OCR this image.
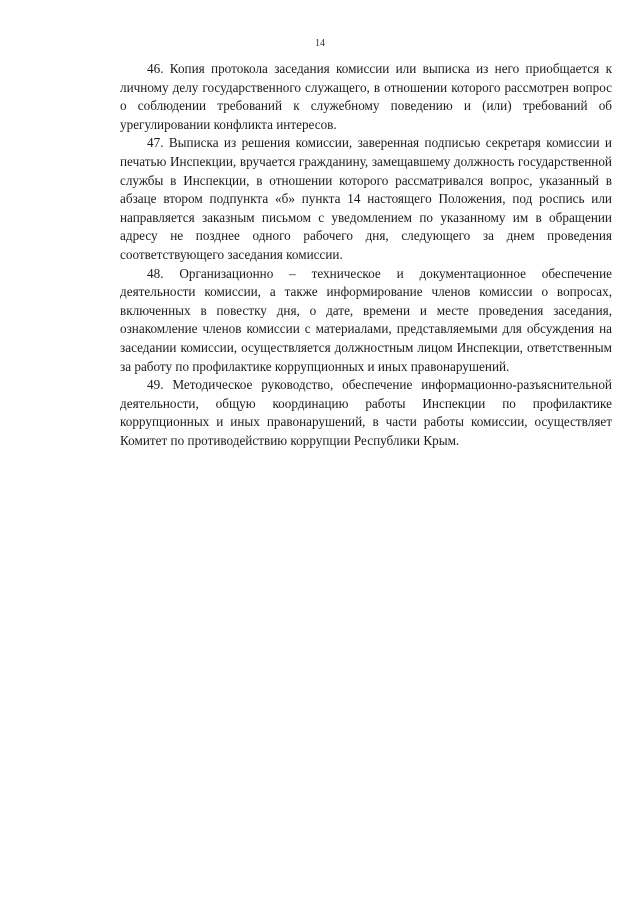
14

46. Копия протокола заседания комиссии или выписка из него приобщается к личному делу государственного служащего, в отношении которого рассмотрен вопрос о соблюдении требований к служебному поведению и (или) требований об урегулировании конфликта интересов.

47. Выписка из решения комиссии, заверенная подписью секретаря комиссии и печатью Инспекции, вручается гражданину, замещавшему должность государственной службы в Инспекции, в отношении которого рассматривался вопрос, указанный в абзаце втором подпункта «б» пункта 14 настоящего Положения, под роспись или направляется заказным письмом с уведомлением по указанному им в обращении адресу не позднее одного рабочего дня, следующего за днем проведения соответствующего заседания комиссии.

48. Организационно – техническое и документационное обеспечение деятельности комиссии, а также информирование членов комиссии о вопросах, включенных в повестку дня, о дате, времени и месте проведения заседания, ознакомление членов комиссии с материалами, представляемыми для обсуждения на заседании комиссии, осуществляется должностным лицом Инспекции, ответственным за работу по профилактике коррупционных и иных правонарушений.

49. Методическое руководство, обеспечение информационно-разъяснительной деятельности, общую координацию работы Инспекции по профилактике коррупционных и иных правонарушений, в части работы комиссии, осуществляет Комитет по противодействию коррупции Республики Крым.
